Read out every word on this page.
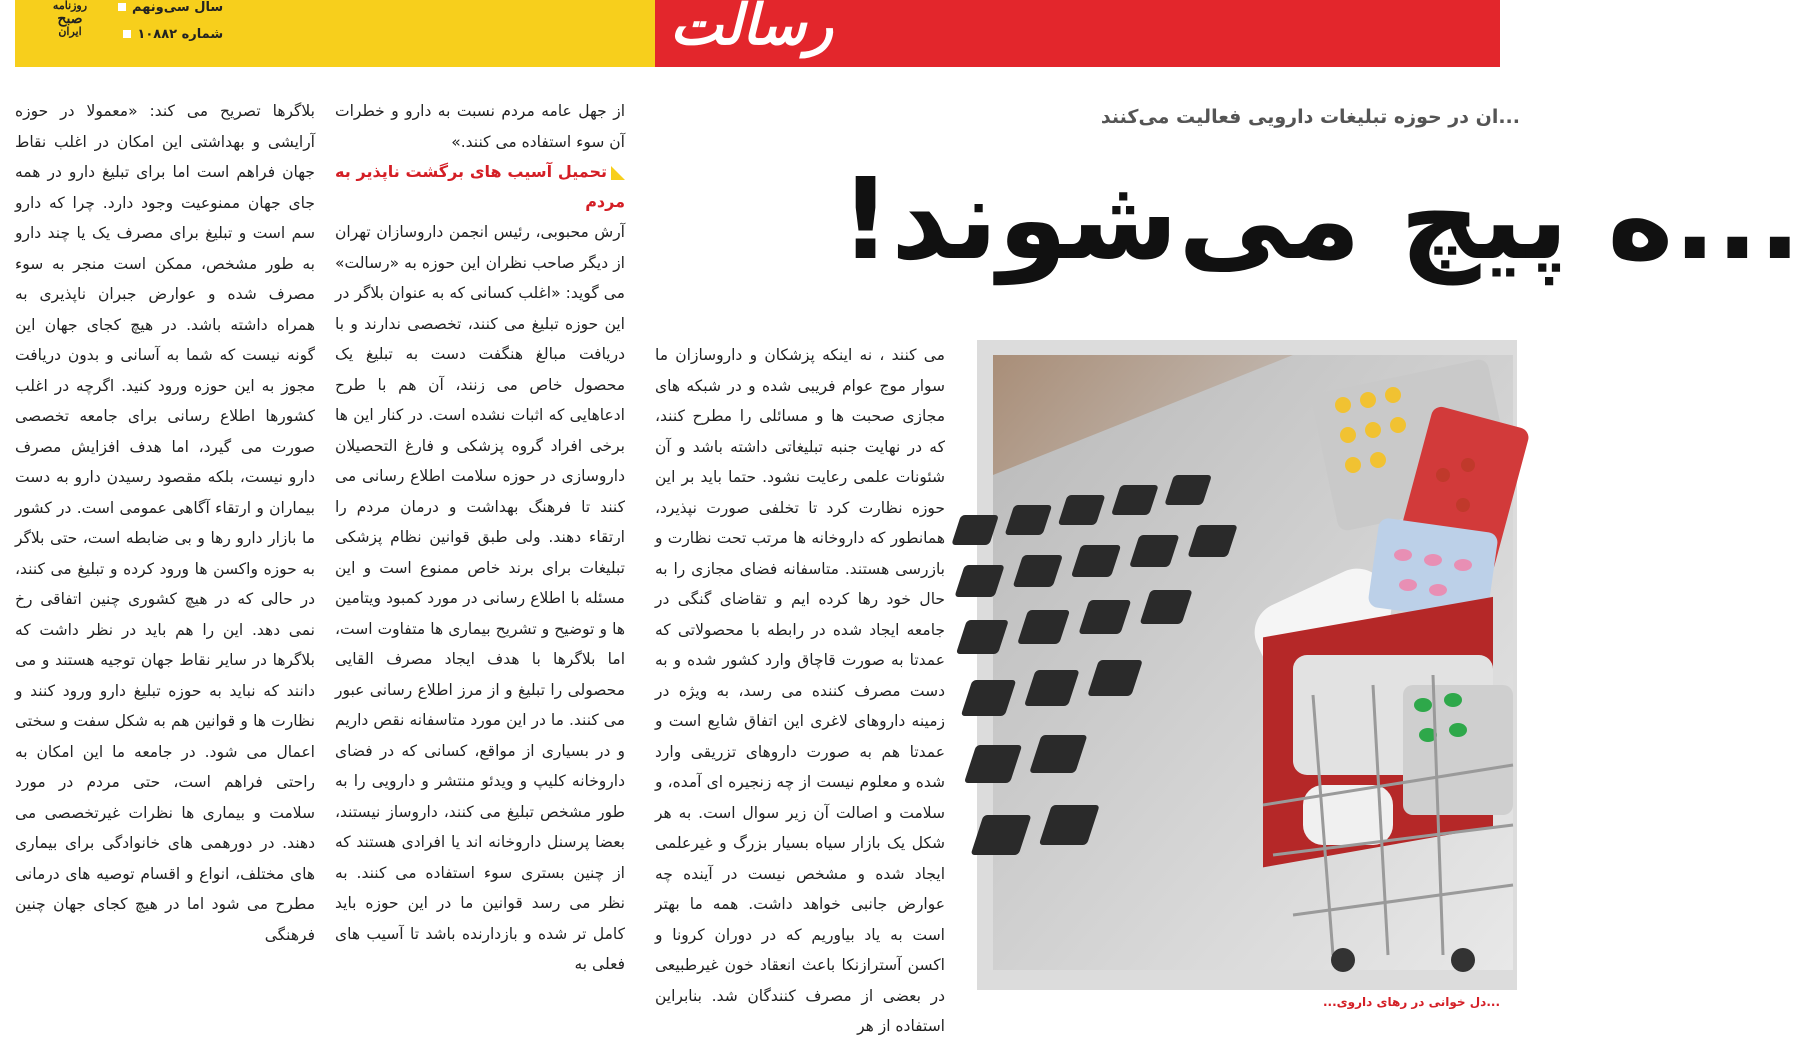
رسالت
سال سی‌ونهم
شماره ۱۰۸۸۲
روزنامه
صبح
ایران

بلاگرها تصریح می کند: «معمولا در حوزه آرایشی و بهداشتی این امکان در اغلب نقاط جهان فراهم است اما برای تبلیغ دارو در همه جای جهان ممنوعیت وجود دارد. چرا که دارو سم است و تبلیغ برای مصرف یک یا چند دارو به طور مشخص، ممکن است منجر به سوء مصرف شده و عوارض جبران ناپذیری به همراه داشته باشد. در هیچ کجای جهان این گونه نیست که شما به آسانی و بدون دریافت مجوز به این حوزه ورود کنید. اگرچه در اغلب کشورها اطلاع رسانی برای جامعه تخصصی صورت می گیرد، اما هدف افزایش مصرف دارو نیست، بلکه مقصود رسیدن دارو به دست بیماران و ارتقاء آگاهی عمومی است. در کشور ما بازار دارو رها و بی ضابطه است، حتی بلاگر به حوزه واکسن ها ورود کرده و تبلیغ می کنند، در حالی که در هیچ کشوری چنین اتفاقی رخ نمی دهد. این را هم باید در نظر داشت که بلاگرها در سایر نقاط جهان توجیه هستند و می دانند که نباید به حوزه تبلیغ دارو ورود کنند و نظارت ها و قوانین هم به شکل سفت و سختی اعمال می شود. در جامعه ما این امکان به راحتی فراهم است، حتی مردم در مورد سلامت و بیماری ها نظرات غیرتخصصی می دهند. در دورهمی های خانوادگی برای بیماری های مختلف، انواع و اقسام توصیه های درمانی مطرح می شود اما در هیچ کجای جهان چنین فرهنگی

از جهل عامه مردم نسبت به دارو و خطرات آن سوء استفاده می کنند.»

تحمیل آسیب های برگشت ناپذیر به مردم

آرش محبوبی، رئیس انجمن داروسازان تهران از دیگر صاحب نظران این حوزه به «رسالت» می گوید: «اغلب کسانی که به عنوان بلاگر در این حوزه تبلیغ می کنند، تخصصی ندارند و با دریافت مبالغ هنگفت دست به تبلیغ یک محصول خاص می زنند، آن هم با طرح ادعاهایی که اثبات نشده است. در کنار این ها برخی افراد گروه پزشکی و فارغ التحصیلان داروسازی در حوزه سلامت اطلاع رسانی می کنند تا فرهنگ بهداشت و درمان مردم را ارتقاء دهند. ولی طبق قوانین نظام پزشکی تبلیغات برای برند خاص ممنوع است و این مسئله با اطلاع رسانی در مورد کمبود ویتامین ها و توضیح و تشریح بیماری ها متفاوت است، اما بلاگرها با هدف ایجاد مصرف القایی محصولی را تبلیغ و از مرز اطلاع رسانی عبور می کنند. ما در این مورد متاسفانه نقص داریم و در بسیاری از مواقع، کسانی که در فضای داروخانه کلیپ و ویدئو منتشر و دارویی را به طور مشخص تبلیغ می کنند، داروساز نیستند، بعضا پرسنل داروخانه اند یا افرادی هستند که از چنین بستری سوء استفاده می کنند. به نظر می رسد قوانین ما در این حوزه باید کامل تر شده و بازدارنده باشد تا آسیب های فعلی به

می کنند ، نه اینکه پزشکان و داروسازان ما سوار موج عوام فریبی شده و در شبکه های مجازی صحبت ها و مسائلی را مطرح کنند، که در نهایت جنبه تبلیغاتی داشته باشد و آن شئونات علمی رعایت نشود. حتما باید بر این حوزه نظارت کرد تا تخلفی صورت نپذیرد، همانطور که داروخانه ها مرتب تحت نظارت و بازرسی هستند. متاسفانه فضای مجازی را به حال خود رها کرده ایم و تقاضای گنگی در جامعه ایجاد شده در رابطه با محصولاتی که عمدتا به صورت قاچاق وارد کشور شده و به دست مصرف کننده می رسد، به ویژه در زمینه داروهای لاغری این اتفاق شایع است و عمدتا هم به صورت داروهای تزریقی وارد شده و معلوم نیست از چه زنجیره ای آمده، و سلامت و اصالت آن زیر سوال است. به هر شکل یک بازار سیاه بسیار بزرگ و غیرعلمی ایجاد شده و مشخص نیست در آینده چه عوارض جانبی خواهد داشت. همه ما بهتر است به یاد بیاوریم که در دوران کرونا و اکسن آسترازنکا باعث انعقاد خون غیرطبیعی در بعضی از مصرف کنندگان شد. بنابراین استفاده از هر

...ان در حوزه تبلیغات دارویی فعالیت می‌کنند
...ه پیچ می‌شوند!
...دل خوانی در رهای داروی...
